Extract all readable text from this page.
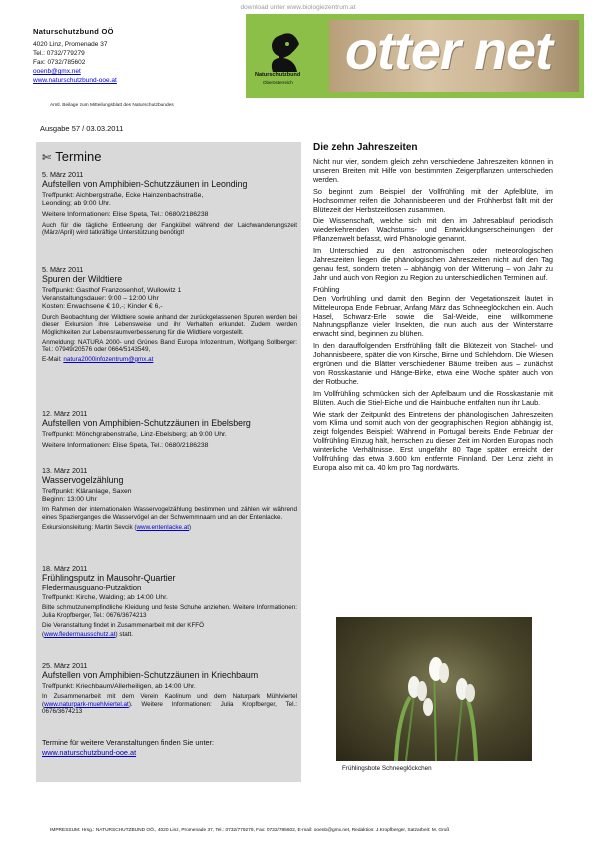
download unter www.biologiezentrum.at
Naturschutzbund OÖ
4020 Linz, Promenade 37
Tel.: 0732/779279
Fax: 0732/785602
ooenb@gmx.net
www.naturschutzbund-ooe.at
Naturschutzbund
Oberösterreich
otter net
Amtl. Beilage zum Mitteilungsblatt des Naturschutzbundes
Ausgabe 57 / 03.03.2011
✄ Termine
5. März 2011
Aufstellen von Amphibien-Schutzzäunen in Leonding

Treffpunkt: Aichbergstraße, Ecke Hainzenbachstraße,

Leonding; ab 9:00 Uhr.

Weitere Informationen: Elise Speta, Tel.: 0680/2186238

Auch für die tägliche Entleerung der Fangkübel während der Laichwanderungszeit (März/April) wird tatkräftige Unterstützung benötigt!

5. März 2011
Spuren der Wildtiere

Treffpunkt: Gasthof Franzosenhof, Wullowitz 1

Veranstaltungsdauer: 9:00 – 12:00 Uhr

Kosten: Erwachsene € 10,-; Kinder € 6,-

Durch Beobachtung der Wildtiere sowie anhand der zurückgelassenen Spuren werden bei dieser Exkursion ihre Lebensweise und ihr Verhalten erkundet. Zudem werden Möglichkeiten zur Lebensraumverbesserung für die Wildtiere vorgestellt.

Anmeldung: NATURA 2000- und Grünes Band Europa Infozentrum, Wolfgang Sollberger: Tel.: 07949/20576 oder 0664/5143549,

E-Mail: natura2000infozentrum@gmx.at

12. März 2011
Aufstellen von Amphibien-Schutzzäunen in Ebelsberg

Treffpunkt: Mönchgrabenstraße, Linz-Ebelsberg; ab 9:00 Uhr.

Weitere Informationen: Elise Speta, Tel.: 0680/2186238

13. März 2011
Wasservogelzählung

Treffpunkt: Kläranlage, Saxen

Beginn: 13:00 Uhr

Im Rahmen der internationalen Wasservogelzählung bestimmen und zählen wir während eines Spazierganges die Wasservögel an der Schwemmnaarn und an der Entenlacke.

Exkursionsleitung: Martin Sevcik (www.entenlacke.at)

18. März 2011
Frühlingsputz in Mausohr-Quartier

Fledermausguano-Putzaktion

Treffpunkt: Kirche, Walding; ab 14:00 Uhr.

Bitte schmutzunempfindliche Kleidung und feste Schuhe anziehen. Weitere Informationen: Julia Kropfberger, Tel.: 0676/3674213

Die Veranstaltung findet in Zusammenarbeit mit der KFFÖ

(www.fledermausschutz.at) statt.

25. März 2011
Aufstellen von Amphibien-Schutzzäunen in Kriechbaum

Treffpunkt: Kriechbaum/Allerheiligen, ab 14:00 Uhr.

In Zusammenarbeit mit dem Verein Kaolinum und dem Naturpark Mühlviertel (www.naturpark-muehlviertel.at). Weitere Informationen: Julia Kropfberger, Tel.: 0676/3674213

Termine für weitere Veranstaltungen finden Sie unter:
www.naturschutzbund-ooe.at
Die zehn Jahreszeiten

Nicht nur vier, sondern gleich zehn verschiedene Jahreszeiten können in unseren Breiten mit Hilfe von bestimmten Zeigerpflanzen unterschieden werden.

So beginnt zum Beispiel der Vollfrühling mit der Apfelblüte, im Hochsommer reifen die Johannisbeeren und der Frühherbst fällt mit der Blütezeit der Herbstzeitlosen zusammen.

Die Wissenschaft, welche sich mit den im Jahresablauf periodisch wiederkehrenden Wachstums- und Entwicklungserscheinungen der Pflanzenwelt befasst, wird Phänologie genannt.

Im Unterschied zu den astronomischen oder meteorologischen Jahreszeiten liegen die phänologischen Jahreszeiten nicht auf den Tag genau fest, sondern treten – abhängig von der Witterung – von Jahr zu Jahr und auch von Region zu Region zu unterschiedlichen Terminen auf.

Frühling

Den Vorfrühling und damit den Beginn der Vegetationszeit läutet in Mitteleuropa Ende Februar, Anfang März das Schneeglöckchen ein. Auch Hasel, Schwarz-Erle sowie die Sal-Weide, eine willkommene Nahrungspflanze vieler Insekten, die nun auch aus der Winterstarre erwacht sind, beginnen zu blühen.

In den darauffolgenden Erstfrühling fällt die Blütezeit von Stachel- und Johannisbeere, später die von Kirsche, Birne und Schlehdorn. Die Wiesen ergrünen und die Blätter verschiedener Bäume treiben aus – zunächst von Rosskastanie und Hänge-Birke, etwa eine Woche später auch von der Rotbuche.

Im Vollfrühling schmücken sich der Apfelbaum und die Rosskastanie mit Blüten. Auch die Stiel-Eiche und die Hainbuche entfalten nun ihr Laub.

Wie stark der Zeitpunkt des Eintretens der phänologischen Jahreszeiten vom Klima und somit auch von der geographischen Region abhängig ist, zeigt folgendes Beispiel: Während in Portugal bereits Ende Februar der Vollfrühling Einzug hält, herrschen zu dieser Zeit im Norden Europas noch winterliche Verhältnisse. Erst ungefähr 80 Tage später erreicht der Vollfrühling das etwa 3.600 km entfernte Finnland. Der Lenz zieht in Europa also mit ca. 40 km pro Tag nordwärts.

Frühlingsbote Schneeglöckchen
IMPRESSUM: Hrsg.: NATURSCHUTZBUND OÖ., 4020 Linz, Promenade 37, Tel.: 0732/779279, Fax: 0732/785602, E-mail: ooenb@gmx.net, Redaktion: J.Kropfberger, Satzarbeit: M. Groß
